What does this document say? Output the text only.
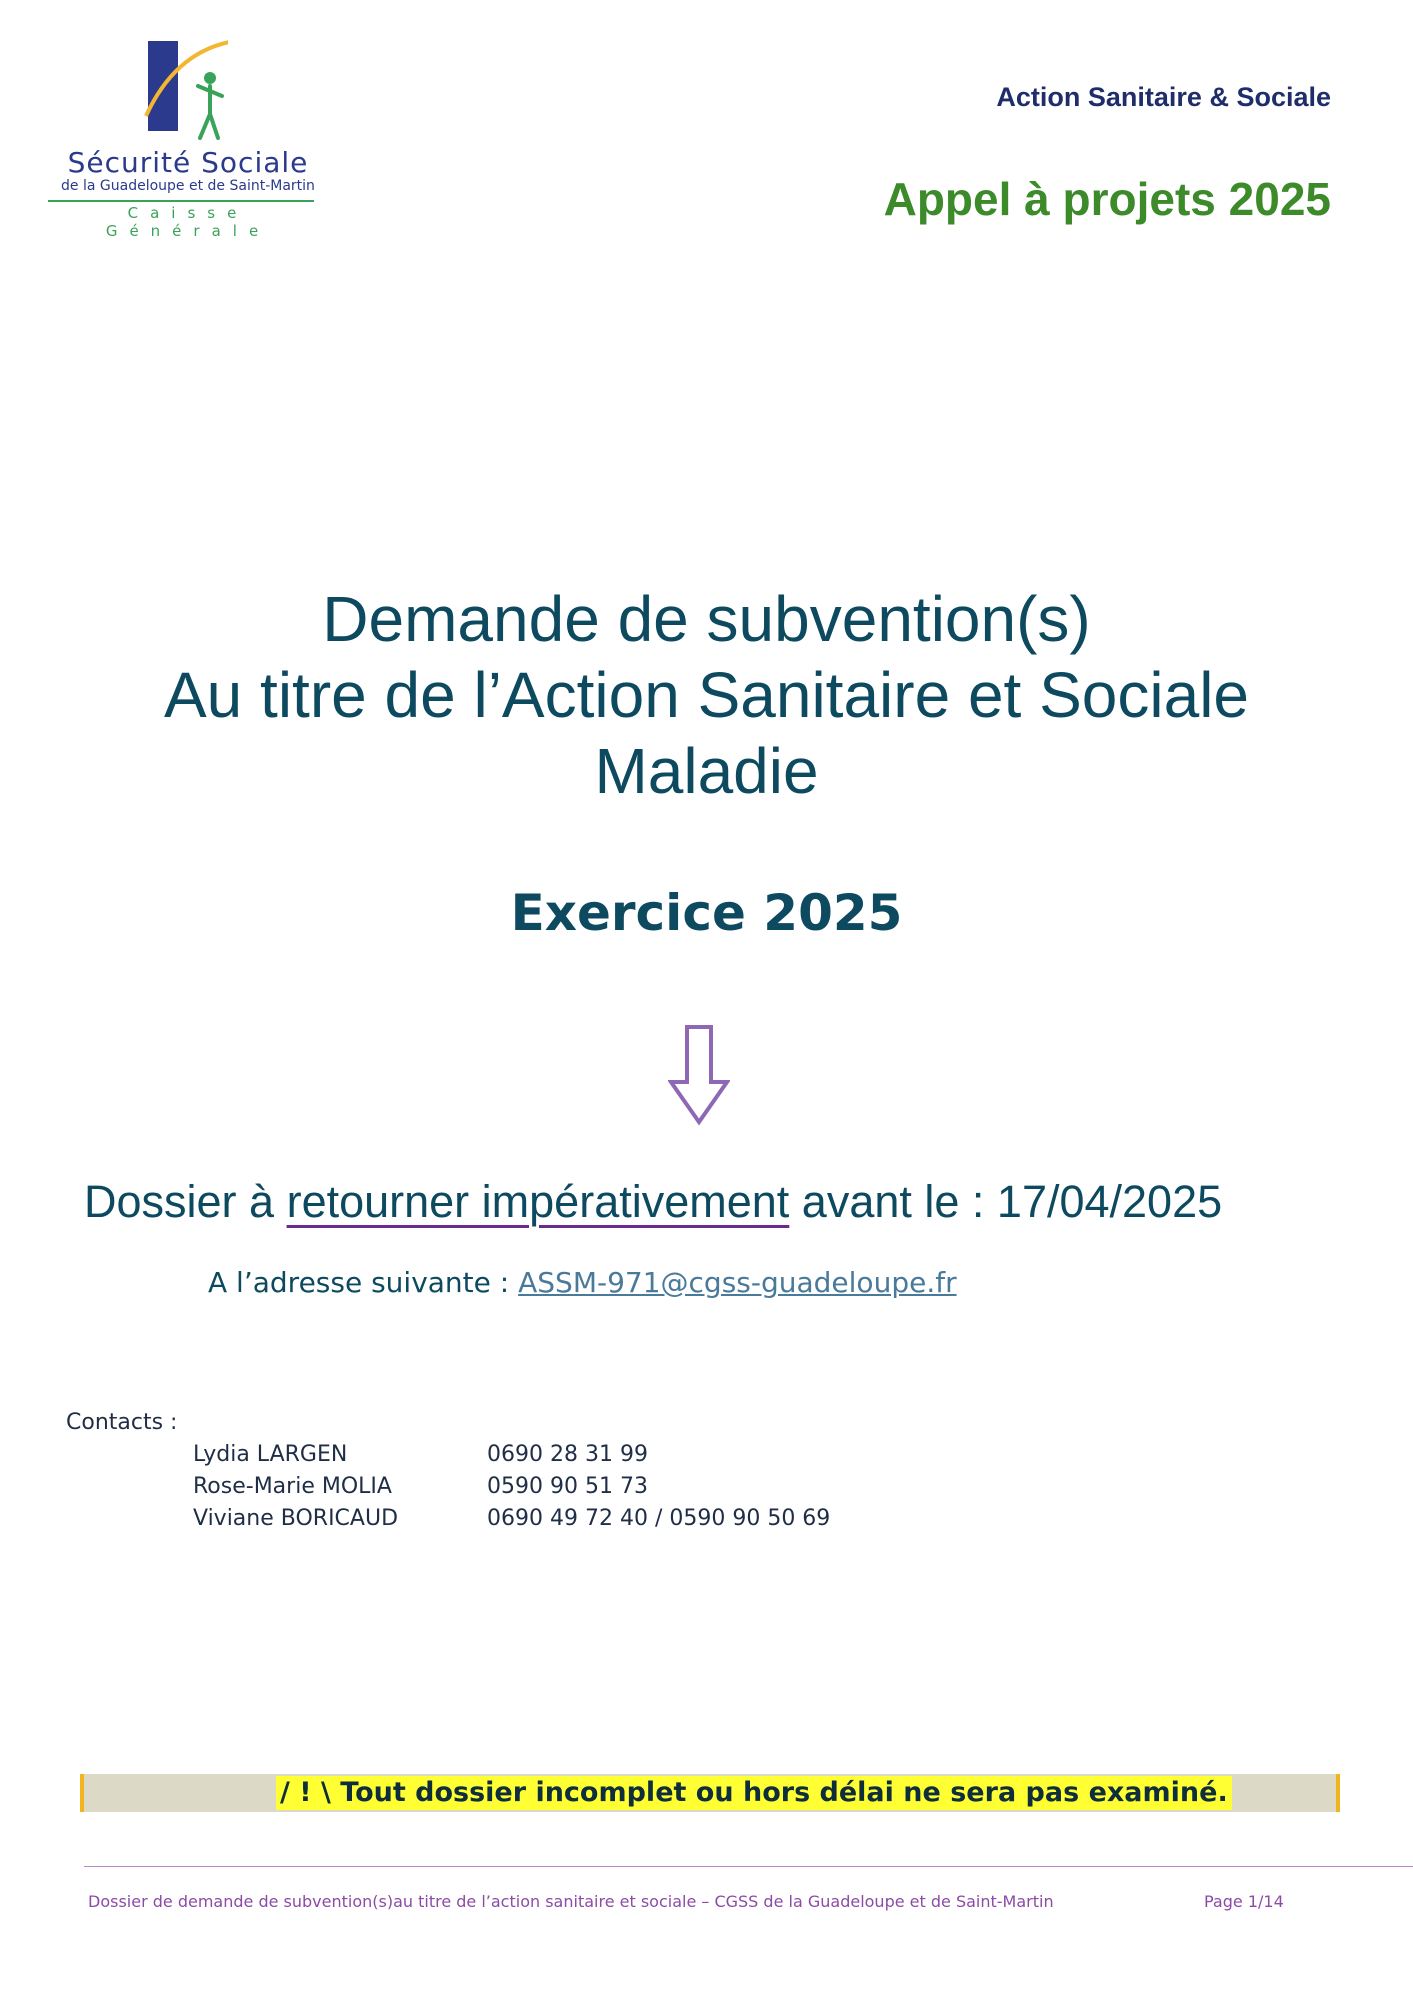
Sécurité Sociale
de la Guadeloupe et de Saint-Martin
Caisse Générale
Action Sanitaire & Sociale
Appel à projets 2025
Demande de subvention(s)
Au titre de l’Action Sanitaire et Sociale
Maladie
Exercice 2025
Dossier à retourner impérativement avant le : 17/04/2025
A l’adresse suivante : ASSM-971@cgss-guadeloupe.fr
Contacts :
Lydia LARGEN	0690 28 31 99
Rose-Marie MOLIA	0590 90 51 73
Viviane BORICAUD	0690 49 72 40 / 0590 90 50 69
/ ! \ Tout dossier incomplet ou hors délai ne sera pas examiné.
Dossier de demande de subvention(s)au titre de l’action sanitaire et sociale – CGSS de la Guadeloupe et de Saint-Martin	Page 1/14
